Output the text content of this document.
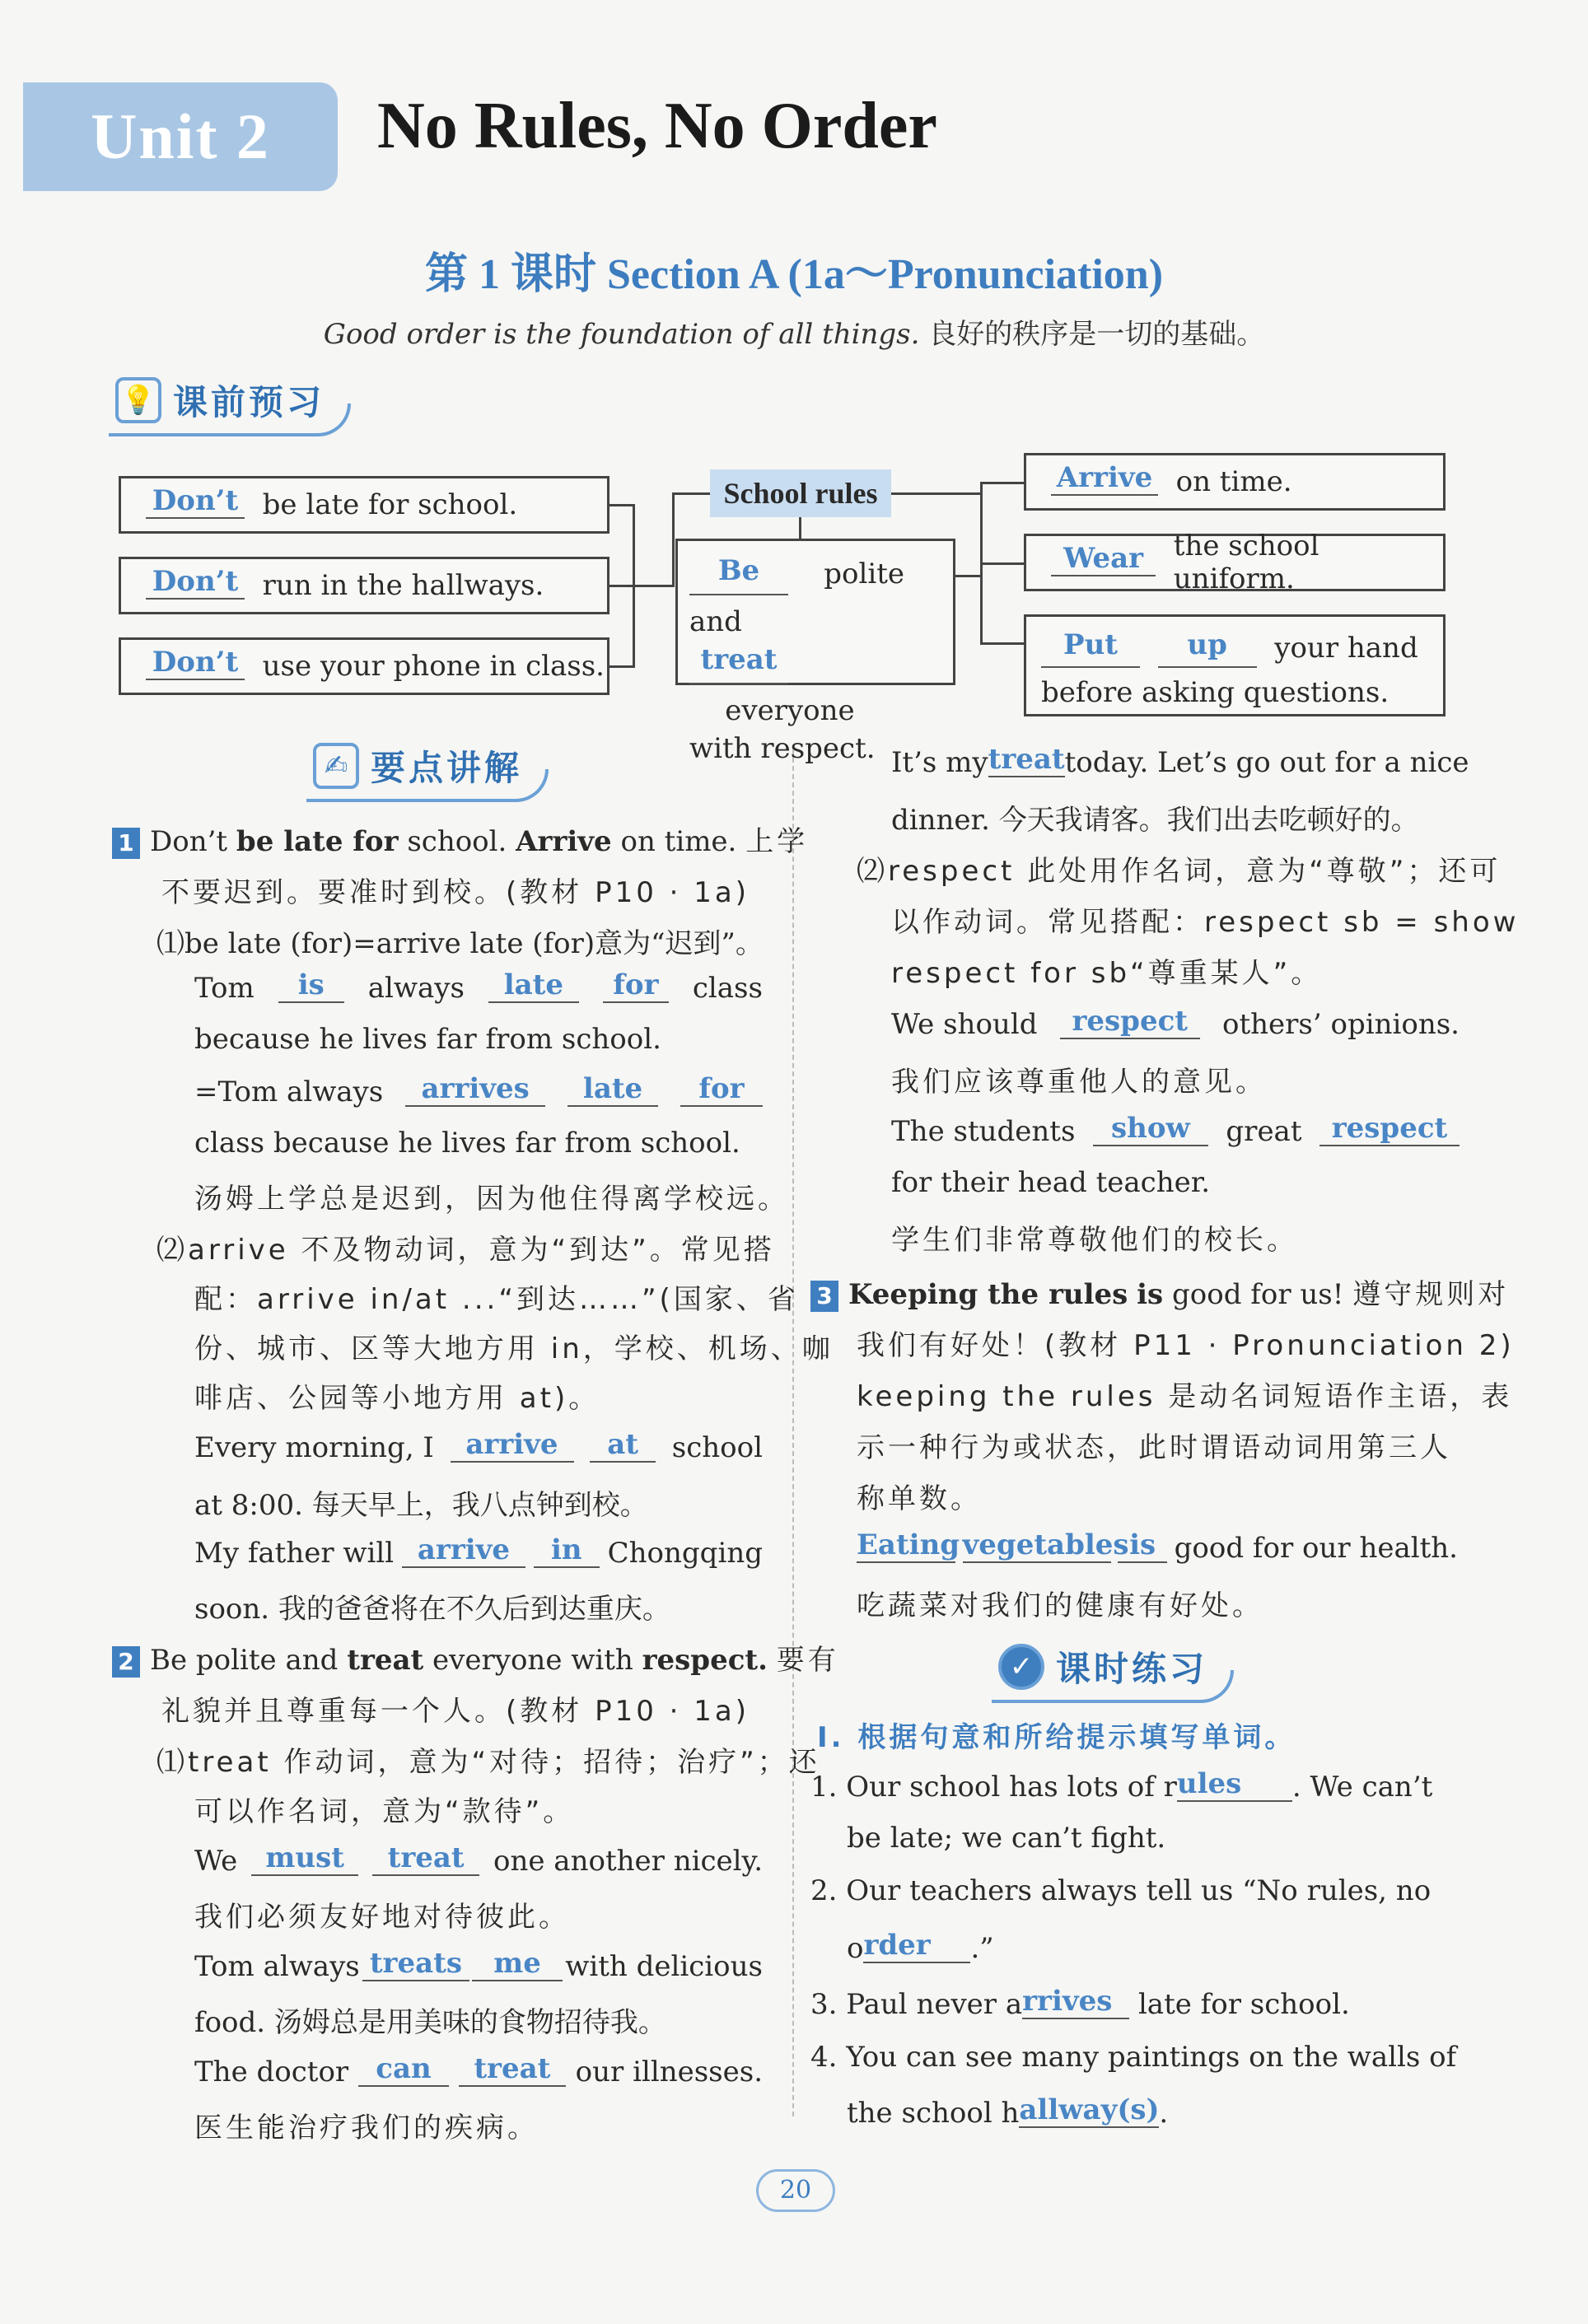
Unit 2 No Rules, No Order
第 1 课时 Section A (1a～Pronunciation)
Good order is the foundation of all things. 良好的秩序是一切的基础。
💡 课前预习
Don’t
be late for school.
Don’t
run in the hallways.
Don’t
use your phone in class.
School rules
Be polite and
treat    everyone
with respect.
Arrive
on time.
Wear
	the school uniform.
Put up your hand
before asking questions.
✍ 要点讲解
1 Don’t be late for school. Arrive on time. 上学
不要迟到。要准时到校。(教材 P10 · 1a)
⑴be late (for)=arrive late (for)意为“迟到”。
Tom	is	always	late	for	class
because he lives far from school.
=Tom always	arrives	late	for
class because he lives far from school.
汤姆上学总是迟到，因为他住得离学校远。
⑵arrive 不及物动词，意为“到达”。常见搭
配：arrive in/at ...“到达……”(国家、省
份、城市、区等大地方用 in，学校、机场、咖
啡店、公园等小地方用 at)。
Every morning, I	arrive	at	school
at 8:00. 每天早上，我八点钟到校。
My father will arrive	in Chongqing
soon. 我的爸爸将在不久后到达重庆。
2 Be polite and treat everyone with respect. 要有
礼貌并且尊重每一个人。(教材 P10 · 1a)
⑴treat 作动词，意为“对待；招待；治疗”；还
可以作名词，意为“款待”。
We	must	treat	one another nicely.
我们必须友好地对待彼此。
Tom always treats	me with delicious
food. 汤姆总是用美味的食物招待我。
The doctor can	treat our illnesses.
医生能治疗我们的疾病。
It’s my treat today. Let’s go out for a nice
dinner. 今天我请客。我们出去吃顿好的。
⑵respect 此处用作名词，意为“尊敬”；还可
以作动词。常见搭配：respect sb = show
respect for sb“尊重某人”。
We should	respect	others’ opinions.
我们应该尊重他人的意见。
The students	show	great	respect
for their head teacher.
学生们非常尊敬他们的校长。
3 Keeping the rules is good for us! 遵守规则对
我们有好处！(教材 P11 · Pronunciation 2)
keeping the rules 是动名词短语作主语，表
示一种行为或状态，此时谓语动词用第三人
称单数。
Eating vegetables is good for our health.
吃蔬菜对我们的健康有好处。
✓ 课时练习
Ⅰ. 根据句意和所给提示填写单词。
1. Our school has lots of rules . We can’t
be late; we can’t fight.
2. Our teachers always tell us “No rules, no
order .”
3. Paul never arrives late for school.
4. You can see many paintings on the walls of
the school hallway(s).
20
